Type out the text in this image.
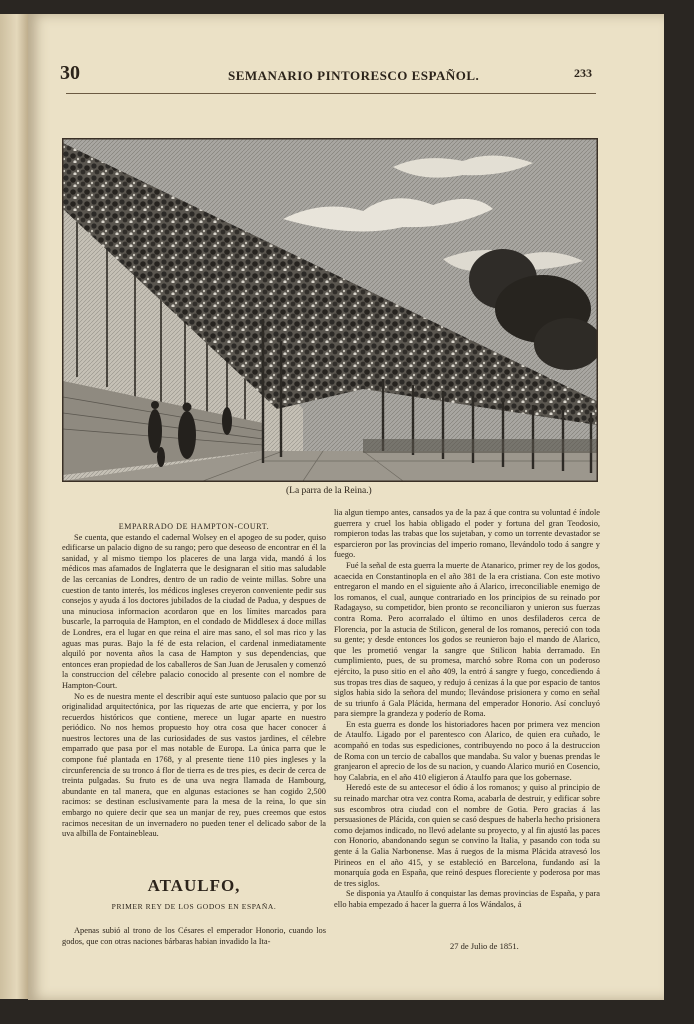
30	SEMANARIO PINTORESCO ESPAÑOL.	233
(La parra de la Reina.)

EMPARRADO DE HAMPTON-COURT.

Se cuenta, que estando el cadernal Wolsey en el apogeo de su poder, quiso edificarse un palacio digno de su rango; pero que deseoso de encontrar en él la sanidad, y al mismo tiempo los placeres de una larga vida, mandó á los médicos mas afamados de Inglaterra que le designaran el sitio mas saludable de las cercanias de Londres, dentro de un radio de veinte millas. Sobre una cuestion de tanto interés, los médicos ingleses creyeron conveniente pedir sus consejos y ayuda á los doctores jubilados de la ciudad de Padua, y despues de una minuciosa informacion acordaron que en los límites marcados para buscarle, la parroquia de Hampton, en el condado de Middlesex á doce millas de Londres, era el lugar en que reina el aire mas sano, el sol mas rico y las aguas mas puras. Bajo la fé de esta relacion, el cardenal inmediatamente alquiló por noventa años la casa de Hampton y sus dependencias, que entonces eran propiedad de los caballeros de San Juan de Jerusalen y comenzó la construccion del célebre palacio conocido al presente con el nombre de Hampton-Court.

No es de nuestra mente el describir aquí este suntuoso palacio que por su originalidad arquitectónica, por las riquezas de arte que encierra, y por los recuerdos históricos que contiene, merece un lugar aparte en nuestro periódico. No nos hemos propuesto hoy otra cosa que hacer conocer á nuestros lectores una de las curiosidades de sus vastos jardines, el célebre emparrado que pasa por el mas notable de Europa. La única parra que le compone fué plantada en 1768, y al presente tiene 110 pies ingleses y la circunferencia de su tronco á flor de tierra es de tres pies, es decir de cerca de treinta pulgadas. Su fruto es de una uva negra llamada de Hambourg, abundante en tal manera, que en algunas estaciones se han cogido 2,500 racimos: se destinan esclusivamente para la mesa de la reina, lo que sin embargo no quiere decir que sea un manjar de rey, pues creemos que estos racimos necesitan de un invernadero no pueden tener el delicado sabor de la uva albilla de Fontainebleau.

ATAULFO,
PRIMER REY DE LOS GODOS EN ESPAÑA.

Apenas subió al trono de los Césares el emperador Honorio, cuando los godos, que con otras naciones bárbaras habian invadido la Ita-

lia algun tiempo antes, cansados ya de la paz á que contra su voluntad é índole guerrera y cruel los habia obligado el poder y fortuna del gran Teodosio, rompieron todas las trabas que los sujetaban, y como un torrente devastador se esparcieron por las provincias del imperio romano, llevándolo todo á sangre y fuego.

Fué la señal de esta guerra la muerte de Atanarico, primer rey de los godos, acaecida en Constantinopla en el año 381 de la era cristiana. Con este motivo entregaron el mando en el siguiente año á Alarico, irreconciliable enemigo de los romanos, el cual, aunque contrariado en los principios de su reinado por Radagayso, su competidor, bien pronto se reconciliaron y unieron sus fuerzas contra Roma. Pero acorralado el último en unos desfiladeros cerca de Florencia, por la astucia de Stilicon, general de los romanos, pereció con toda su gente; y desde entonces los godos se reunieron bajo el mando de Alarico, que les prometió vengar la sangre que Stilicon habia derramado. En cumplimiento, pues, de su promesa, marchó sobre Roma con un poderoso ejército, la puso sitio en el año 409, la entró á sangre y fuego, concediendo á sus tropas tres dias de saqueo, y redujo á cenizas á la que por espacio de tantos siglos habia sido la señora del mundo; llevándose prisionera y como en señal de su triunfo á Gala Plácida, hermana del emperador Honorio. Así concluyó para siempre la grandeza y poderío de Roma.

En esta guerra es donde los historiadores hacen por primera vez mencion de Ataulfo. Ligado por el parentesco con Alarico, de quien era cuñado, le acompañó en todas sus espediciones, contribuyendo no poco á la destruccion de Roma con un tercio de caballos que mandaba. Su valor y buenas prendas le granjearon el aprecio de los de su nacion, y cuando Alarico murió en Cosencio, hoy Calabria, en el año 410 eligieron á Ataulfo para que los gobernase.

Heredó este de su antecesor el ódio á los romanos; y quiso al principio de su reinado marchar otra vez contra Roma, acabarla de destruir, y edificar sobre sus escombros otra ciudad con el nombre de Gotia. Pero gracias á las persuasiones de Plácida, con quien se casó despues de haberla hecho prisionera como dejamos indicado, no llevó adelante su proyecto, y al fin ajustó las paces con Honorio, abandonando segun se convino la Italia, y pasando con toda su gente á la Galia Narbonense. Mas á ruegos de la misma Plácida atravesó los Pirineos en el año 415, y se estableció en Barcelona, fundando así la monarquía goda en España, que reinó despues floreciente y poderosa por mas de tres siglos.

Se disponia ya Ataulfo á conquistar las demas provincias de España, y para ello habia empezado á hacer la guerra á los Wándalos, á

27 de Julio de 1851.
